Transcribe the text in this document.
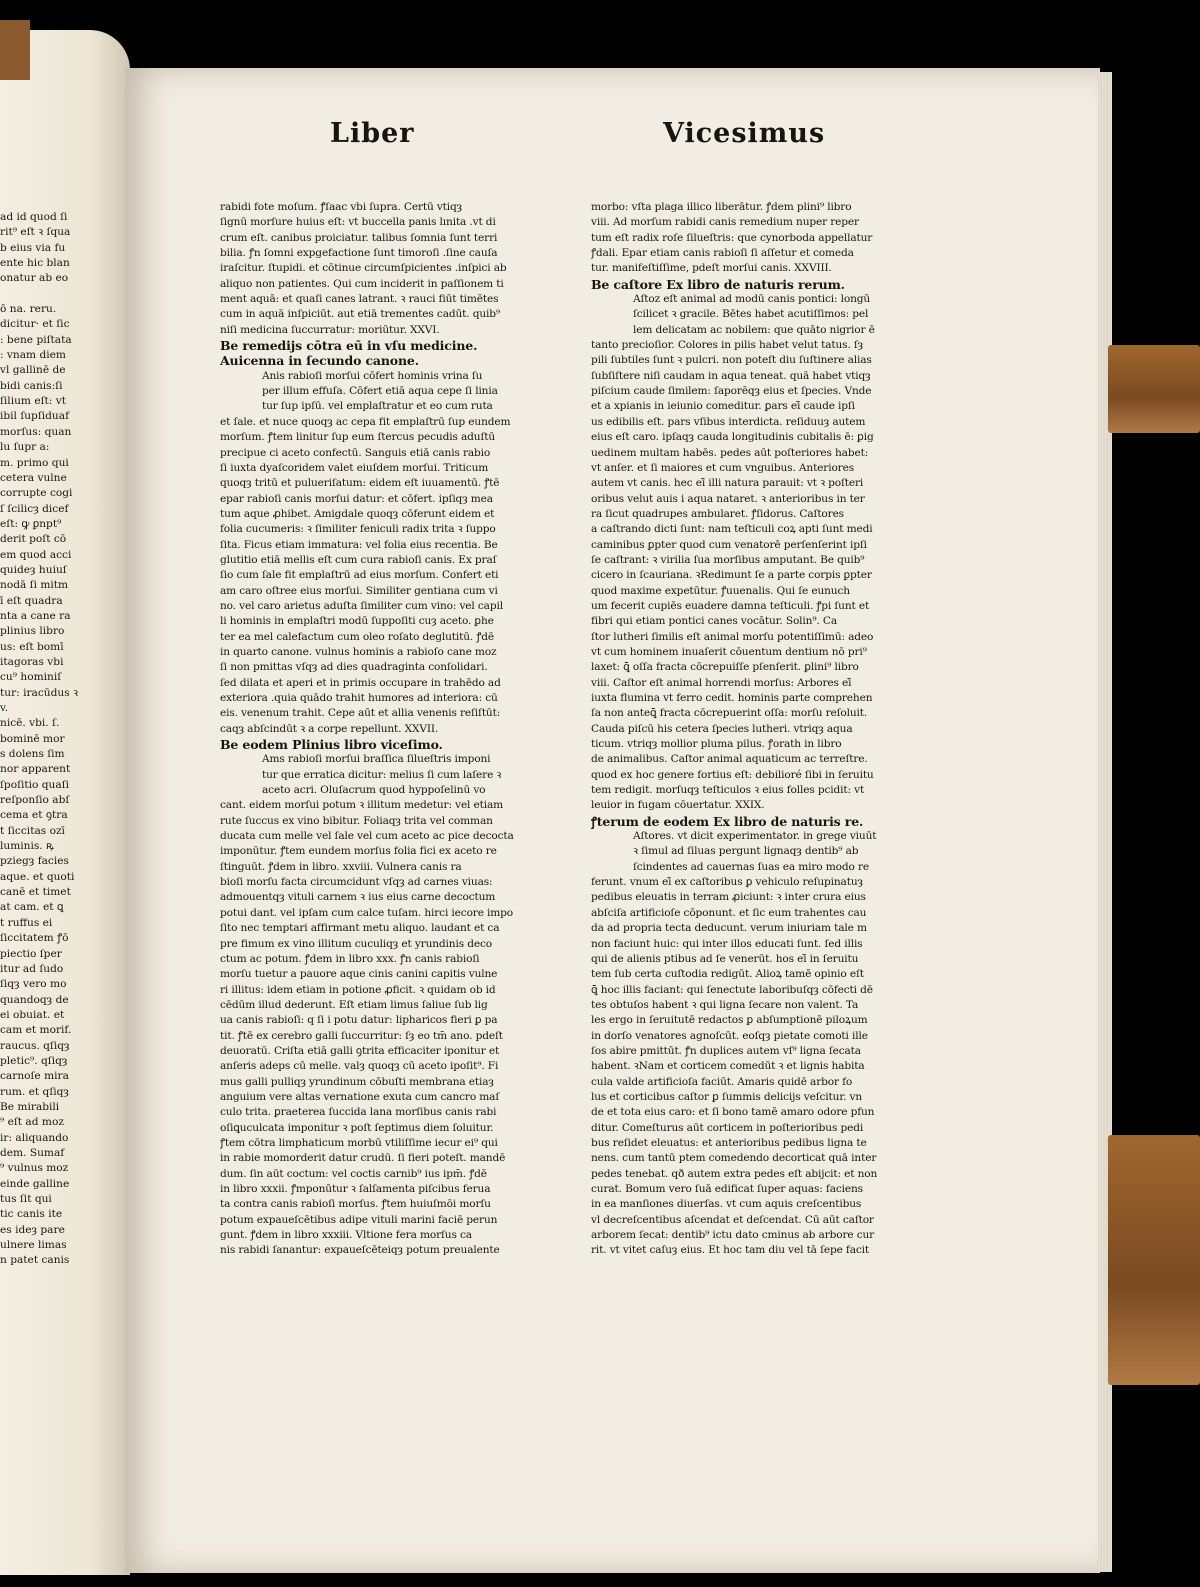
ad id quod ſi
rit⁹ eſt ꝛ ſqua
b eius via fu
ente hic blan
onatur ab eo

ō na. reru.
dicitur· et ſic
: bene piſtata
: vnam diem
vl gallinē de
bidi canis:ſi
ſilium eſt: vt
ibil ſupſiduaf
morſus: quan
lu ſupr a:
m. primo qui
cetera vulne
corrupte cogi
ſ ſcilicȝ dicef
eſt: ꝙ ꝑnpt⁹
derit poſt cō
em quod acci
quideȝ huiuſ
nodā ſi mitm
ī eſt quadra
nta a cane ra
plinius libro
us: eſt bomī
itagoras vbi
cu⁹ hominiſ
tur: iracūdus ꝛ
v.
nicē. vbi. ſ.
bominē mor
s dolens ſim
nor apparent
ſpoſitio quaſi
reſponſio abſ
cema et ꝯtra
t ſiccitas ozī
luminis. ꝶ
pziegȝ facies
aque. et quoti
canē et timet
at cam. et ꝗ
t ruffus ei
ſiccitatem ꝭō
piectio ſper
itur ad ſudo
ſiqȝ vero mo
quandoqȝ de
ei obuiat. et
cam et morif.
raucus. qſiqȝ
pletic⁹. qſiqȝ
carnoſe mira
rum. et qſiqȝ
Be mirabili
⁹ eſt ad moz
ir: aliquando
dem. Sumaf
⁹ vulnus moz
einde galline
tus ſit qui
tic canis ite
es ideȝ pare
ulnere limas
n patet canis
Liber	Vicesimus
rabidi fote moſum. ꝭſaac vbi ſupra. Certū vtiqȝ
ſignū morſure huius eſt: vt buccella panis lınita .vt di
crum eſt. canibus proiciatur. talibus ſomnia ſunt terri
bilia. ꝭn ſomni expgefactione ſunt timoroſi .ſine cauſa
iraſcitur. ſtupidi. et cōtinue circumſpicientes .inſpici ab
aliquo non patientes. Qui cum inciderit in paſſionem ti
ment aquā: et quaſi canes latrant. ꝛ rauci fiūt timētes
cum in aquā inſpiciūt. aut etiā trementes cadūt. quib⁹
niſi medicina ſuccurratur: moriūtur. XXVI.
Be remedijs cōtra eū in vſu medicine.
Auicenna in ſecundo canone.
Anis rabioſi morſui cōfert hominis vrina ſu
per illum effuſa. Cōfert etiā aqua cepe ſi linia
tur ſup ipſū. vel emplaſtratur et eo cum ruta
et ſale. et nuce quoqȝ ac cepa fit emplaſtrū ſup eundem
morſum. ꝭtem linitur ſup eum ſtercus pecudis aduſtū
precipue ci aceto confectū. Sanguis etiā canis rabio
ſi iuxta dyaſcoridem valet eiuſdem morſui. Triticum
quoqȝ tritū et pulueriſatum: eidem eſt iuuamentū. ꝭtē
epar rabioſi canis morſui datur: et cōfert. ipſiqȝ mea
tum aque ꝓhibet. Amigdale quoqȝ cōferunt eidem et
folia cucumeris: ꝛ ſimiliter feniculi radix trita ꝛ ſuppo
ſita. Ficus etiam immatura: vel folia eius recentia. Be
glutitio etiā mellis eſt cum cura rabioſi canis. Ex praſ
ſio cum ſale fit emplaſtrū ad eius morſum. Confert eti
am caro oſtree eius morſui. Similiter gentiana cum vi
no. vel caro arietus aduſta ſimiliter cum vino: vel capil
li hominis in emplaſtri modū ſuppoſiti cuȝ aceto. ꝑhe
ter ea mel calefactum cum oleo roſato deglutitū. ꝭdē
in quarto canone. vulnus hominis a rabioſo cane moz
ſi non pmittas vſqȝ ad dies quadraginta conſolidari.
ſed dilata et aperi et in primis occupare in trahēdo ad
exteriora .quia quādo trahit humores ad interiora: cū
eis. venenum trahit. Cepe aūt et allia venenis reſiſtūt:
caqȝ abſcindūt ꝛ a corpe repellunt. XXVII.
Be eodem Plinius libro viceſimo.
Ams rabioſi morſui braſſica ſilueſtris imponi
tur que erratica dicitur: melius ſi cum laſere ꝛ
aceto acri. Oluſacrum quod hyppoſelinū vo
cant. eidem morſui potum ꝛ illitum medetur: vel etiam
rute ſuccus ex vino bibitur. Foliaqȝ trita vel comman
ducata cum melle vel ſale vel cum aceto ac pice decocta
imponūtur. ꝭtem eundem morſus folia fici ex aceto re
ſtinguūt. ꝭdem in libro. xxviii. Vulnera canis ra
bioſi morſu facta circumcidunt vſqȝ ad carnes viuas:
admouentqȝ vituli carnem ꝛ ius eius carne decoctum
potui dant. vel ipſam cum calce tuſam. hirci iecore impo
ſito nec temptari affirmant metu aliquo. laudant et ca
pre fimum ex vino illitum cuculiqȝ et yrundinis deco
ctum ac potum. ꝭdem in libro xxx. ꝭn canis rabioſi
morſu tuetur a pauore aque cinis canini capitis vulne
ri illitus: idem etiam in potione ꝓficit. ꝛ quidam ob id
cēdūm illud dederunt. Eſt etiam limus ſaliue ſub lig
ua canis rabioſi: q ſi i potu datur: lipharicos fieri ꝑ pa
tit. ꝭtē ex cerebro galli ſuccurritur: ſȝ eo tm̄ ano. pdeſt
deuoratū. Criſta etiā galli ꝯtrita efficaciter iponitur et
anſeris adeps cū melle. valȝ quoqȝ cū aceto ipoſit⁹. Fi
mus galli pulliqȝ yrundinum cōbuſti membrana etiaȝ
anguium vere altas vernatione exuta cum cancro maſ
culo trita. ꝑraeterea ſuccida lana morſibus canis rabi
oſiꝗuculcata imponitur ꝛ poſt ſeptimus diem ſoluitur.
ꝭtem cōtra limphaticum morbū vtiliſſime iecur ei⁹ qui
in rabie momorderit datur crudū. ſi fieri poteſt. mandē
dum. ſin aūt coctum: vel coctis carnib⁹ ius ipm̄. ꝭdē
in libro xxxii. ꝭmponūtur ꝛ ſalſamenta piſcibus ferua
ta contra canis rabioſi morſus. ꝭtem huiuſmōi morſu
potum expaueſcētibus adipe vituli marini faciē perun
gunt. ꝭdem in libro xxxiii. Vltione fera morſus ca
nis rabidi ſanantur: expaueſcēteiqȝ potum preualente
morbo: vſta plaga illico liberātur. ꝭdem plini⁹ libro
viii. Ad morſum rabidi canis remedium nuper reper
tum eſt radix roſe ſilueſtris: que cynorboda appellatur
ꝭdali. Epar etiam canis rabioſi ſi aſſetur et comeda
tur. manifeſtiſſime, pdeſt morſui canis. XXVIII.
Be caſtore Ex libro de naturis rerum.
Aſtoz eſt animal ad modū canis pontici: longū
ſcilicet ꝛ gracile. Bētes habet acutiſſimos: pel
lem delicatam ac nobilem: que quāto nigrior ē
tanto precioſior. Colores in pilis habet velut tatus. ſȝ
pili ſubtiles ſunt ꝛ pulcri. non poteſt diu ſuſtinere alias
ſubſiſtere niſi caudam in aqua teneat. quā habet vtiqȝ
piſcium caude ſimilem: ſaporēqȝ eius et ſpecies. Vnde
et a xpianis in ieiunio comeditur. ꝑars eī̄ caude ipſi
us edibilis eſt. pars vſibus interdicta. reſiduuȝ autem
eius eſt caro. ipſaqȝ cauda longitudinis cubitalis ē: ꝑig
uedinem multam habēs. pedes aūt poſteriores habet:
vt anſer. et ſi maiores et cum vnguibus. Anteriores
autem vt canis. hec eī̄ illi natura parauit: vt ꝛ poſteri
oribus velut auis i aqua nataret. ꝛ anterioribus in ter
ra ſicut quadrupes ambularet. ꝭſidorus. Caſtores
a caſtrando dicti ſunt: nam teſticuli coꝝ apti ſunt medi
caminibus ꝑpter quod cum venatorē perſenſerint ipſi
ſe caſtrant: ꝛ virilia ſua morſibus amputant. Be quib⁹
cicero in ſcauriana. ꝛRedimunt ſe a parte corpis ꝑpter
quod maxime expetūtur. ꝭuuenalis. Qui ſe eunuch
um fecerit cupiēs euadere damna teſticuli. ꝭpi ſunt et
fibri qui etiam pontici canes vocātur. Solin⁹. Ca
ſtor lutheri ſimilis eſt animal morſu potentiſſimū: adeo
vt cum hominem inuaſerit cōuentum dentium nō pri⁹
laxet: ꝗ̄ oſſa fracta cōcrepuiſſe pſenſerit. ꝑlini⁹ libro
viii. Caſtor eſt animal horrendi morſus: Arbores eī̄
iuxta flumina vt ferro cedit. hominis parte comprehen
ſa non anteꝗ̄ fracta cōcrepuerint oſſa: morſu reſoluit.
Cauda piſcū his cetera ſpecies lutheri. vtriqȝ aqua
ticum. vtriqȝ mollior pluma pilus. ꝭorath in libro
de animalibus. Caſtor animal aquaticum ac terreſtre.
quod ex hoc genere fortius eſt: debilioré ſibi in ſeruitu
tem redigit. morſuqȝ teſticulos ꝛ eius folles pcidit: vt
leuior in fugam cōuertatur. XXIX.
ꝭterum de eodem Ex libro de naturis re.
Aſtores. vt dicit experimentator. in grege viuūt
ꝛ ſimul ad ſiluas pergunt lignaqȝ dentib⁹ ab
ſcindentes ad cauernas ſuas ea miro modo re
ferunt. vnum eī̄ ex caſtoribus ꝑ vehiculo reſupinatuȝ
pedibus eleuatis in terram ꝓiciunt: ꝛ inter crura eius
abſciſa artificioſe cōponunt. et ſic eum trahentes cau
da ad propria tecta deducunt. verum iniuriam tale m
non faciunt huic: qui inter illos educati ſunt. ſed illis
qui de alienis ptibus ad ſe venerūt. hos eī̄ in ſeruitu
tem ſub certa cuſtodia redigūt. Alioꝝ tamē opinio eſt
ꝗ̄ hoc illis faciant: qui ſenectute laboribuſqȝ cōfecti dē
tes obtuſos habent ꝛ qui ligna ſecare non valent. Ta
les ergo in ſeruitutē redactos ꝑ abſumptionē piloꝝum
in dorſo venatores agnoſcūt. eoſqȝ pietate comoti ille
ſos abire pmittūt. ꝭn duplices autem vſ⁹ ligna ſecata
habent. ꝛNam et corticem comedūt ꝛ et lignis habita
cula valde artificioſa faciūt. Amaris quidē arbor fo
lus et corticibus caſtor ꝑ ſummis delicijs veſcitur. vn
de et tota eius caro: et ſi bono tamē amaro odore pfun
ditur. Comeſturus aūt corticem in poſterioribus pedi
bus reſidet eleuatus: et anterioribus pedibus ligna te
nens. cum tantū ptem comedendo decorticat quā inter
pedes tenebat. qð autem extra pedes eſt abijcit: et non
curat. Bomum vero ſuā edificat ſuper aquas: faciens
in ea manſiones diuerſas. vt cum aquis creſcentibus
vl decreſcentibus aſcendat et deſcendat. Cū aūt caſtor
arborem ſecat: dentib⁹ ictu dato cminus ab arbore cur
rit. vt vitet caſuȝ eius. Et hoc tam diu vel tā ſepe facit
